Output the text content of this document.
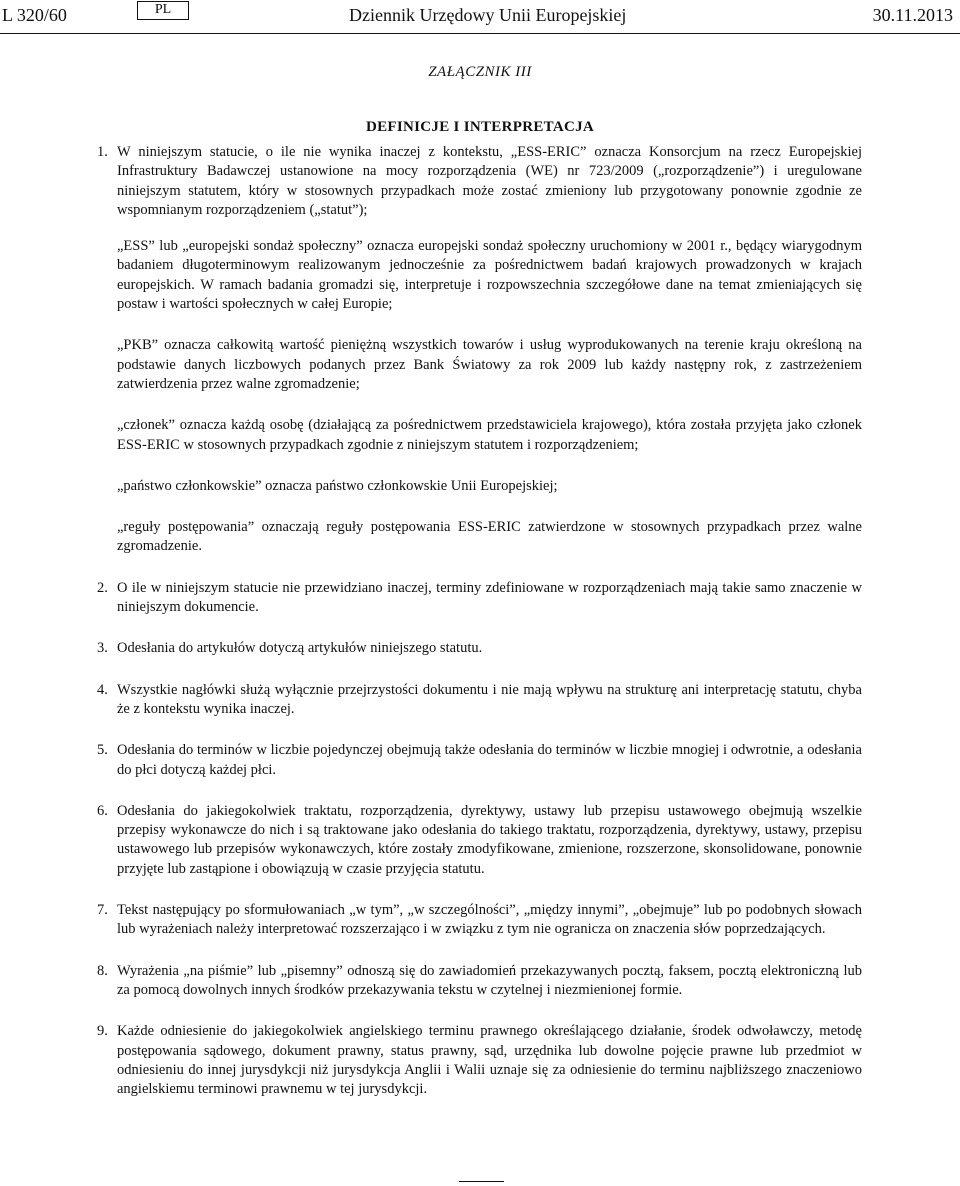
L 320/60	PL	Dziennik Urzędowy Unii Europejskiej	30.11.2013
ZAŁĄCZNIK III
DEFINICJE I INTERPRETACJA
1. W niniejszym statucie, o ile nie wynika inaczej z kontekstu, „ESS-ERIC” oznacza Konsorcjum na rzecz Europejskiej Infrastruktury Badawczej ustanowione na mocy rozporządzenia (WE) nr 723/2009 („rozporządzenie”) i uregulowane niniejszym statutem, który w stosownych przypadkach może zostać zmieniony lub przygotowany ponownie zgodnie ze wspomnianym rozporządzeniem („statut”);
„ESS” lub „europejski sondaż społeczny” oznacza europejski sondaż społeczny uruchomiony w 2001 r., będący wiarygodnym badaniem długoterminowym realizowanym jednocześnie za pośrednictwem badań krajowych prowadzonych w krajach europejskich. W ramach badania gromadzi się, interpretuje i rozpowszechnia szczegółowe dane na temat zmieniających się postaw i wartości społecznych w całej Europie;
„PKB” oznacza całkowitą wartość pieniężną wszystkich towarów i usług wyprodukowanych na terenie kraju określoną na podstawie danych liczbowych podanych przez Bank Światowy za rok 2009 lub każdy następny rok, z zastrzeżeniem zatwierdzenia przez walne zgromadzenie;
„członek” oznacza każdą osobę (działającą za pośrednictwem przedstawiciela krajowego), która została przyjęta jako członek ESS-ERIC w stosownych przypadkach zgodnie z niniejszym statutem i rozporządzeniem;
„państwo członkowskie” oznacza państwo członkowskie Unii Europejskiej;
„reguły postępowania” oznaczają reguły postępowania ESS-ERIC zatwierdzone w stosownych przypadkach przez walne zgromadzenie.
2. O ile w niniejszym statucie nie przewidziano inaczej, terminy zdefiniowane w rozporządzeniach mają takie samo znaczenie w niniejszym dokumencie.
3. Odesłania do artykułów dotyczą artykułów niniejszego statutu.
4. Wszystkie nagłówki służą wyłącznie przejrzystości dokumentu i nie mają wpływu na strukturę ani interpretację statutu, chyba że z kontekstu wynika inaczej.
5. Odesłania do terminów w liczbie pojedynczej obejmują także odesłania do terminów w liczbie mnogiej i odwrotnie, a odesłania do płci dotyczą każdej płci.
6. Odesłania do jakiegokolwiek traktatu, rozporządzenia, dyrektywy, ustawy lub przepisu ustawowego obejmują wszelkie przepisy wykonawcze do nich i są traktowane jako odesłania do takiego traktatu, rozporządzenia, dyrektywy, ustawy, przepisu ustawowego lub przepisów wykonawczych, które zostały zmodyfikowane, zmienione, rozszerzone, skonsolidowane, ponownie przyjęte lub zastąpione i obowiązują w czasie przyjęcia statutu.
7. Tekst następujący po sformułowaniach „w tym”, „w szczególności”, „między innymi”, „obejmuje” lub po podobnych słowach lub wyrażeniach należy interpretować rozszerzająco i w związku z tym nie ogranicza on znaczenia słów poprzedzających.
8. Wyrażenia „na piśmie” lub „pisemny” odnoszą się do zawiadomień przekazywanych pocztą, faksem, pocztą elektroniczną lub za pomocą dowolnych innych środków przekazywania tekstu w czytelnej i niezmienionej formie.
9. Każde odniesienie do jakiegokolwiek angielskiego terminu prawnego określającego działanie, środek odwoławczy, metodę postępowania sądowego, dokument prawny, status prawny, sąd, urzędnika lub dowolne pojęcie prawne lub przedmiot w odniesieniu do innej jurysdykcji niż jurysdykcja Anglii i Walii uznaje się za odniesienie do terminu najbliższego znaczeniowo angielskiemu terminowi prawnemu w tej jurysdykcji.
